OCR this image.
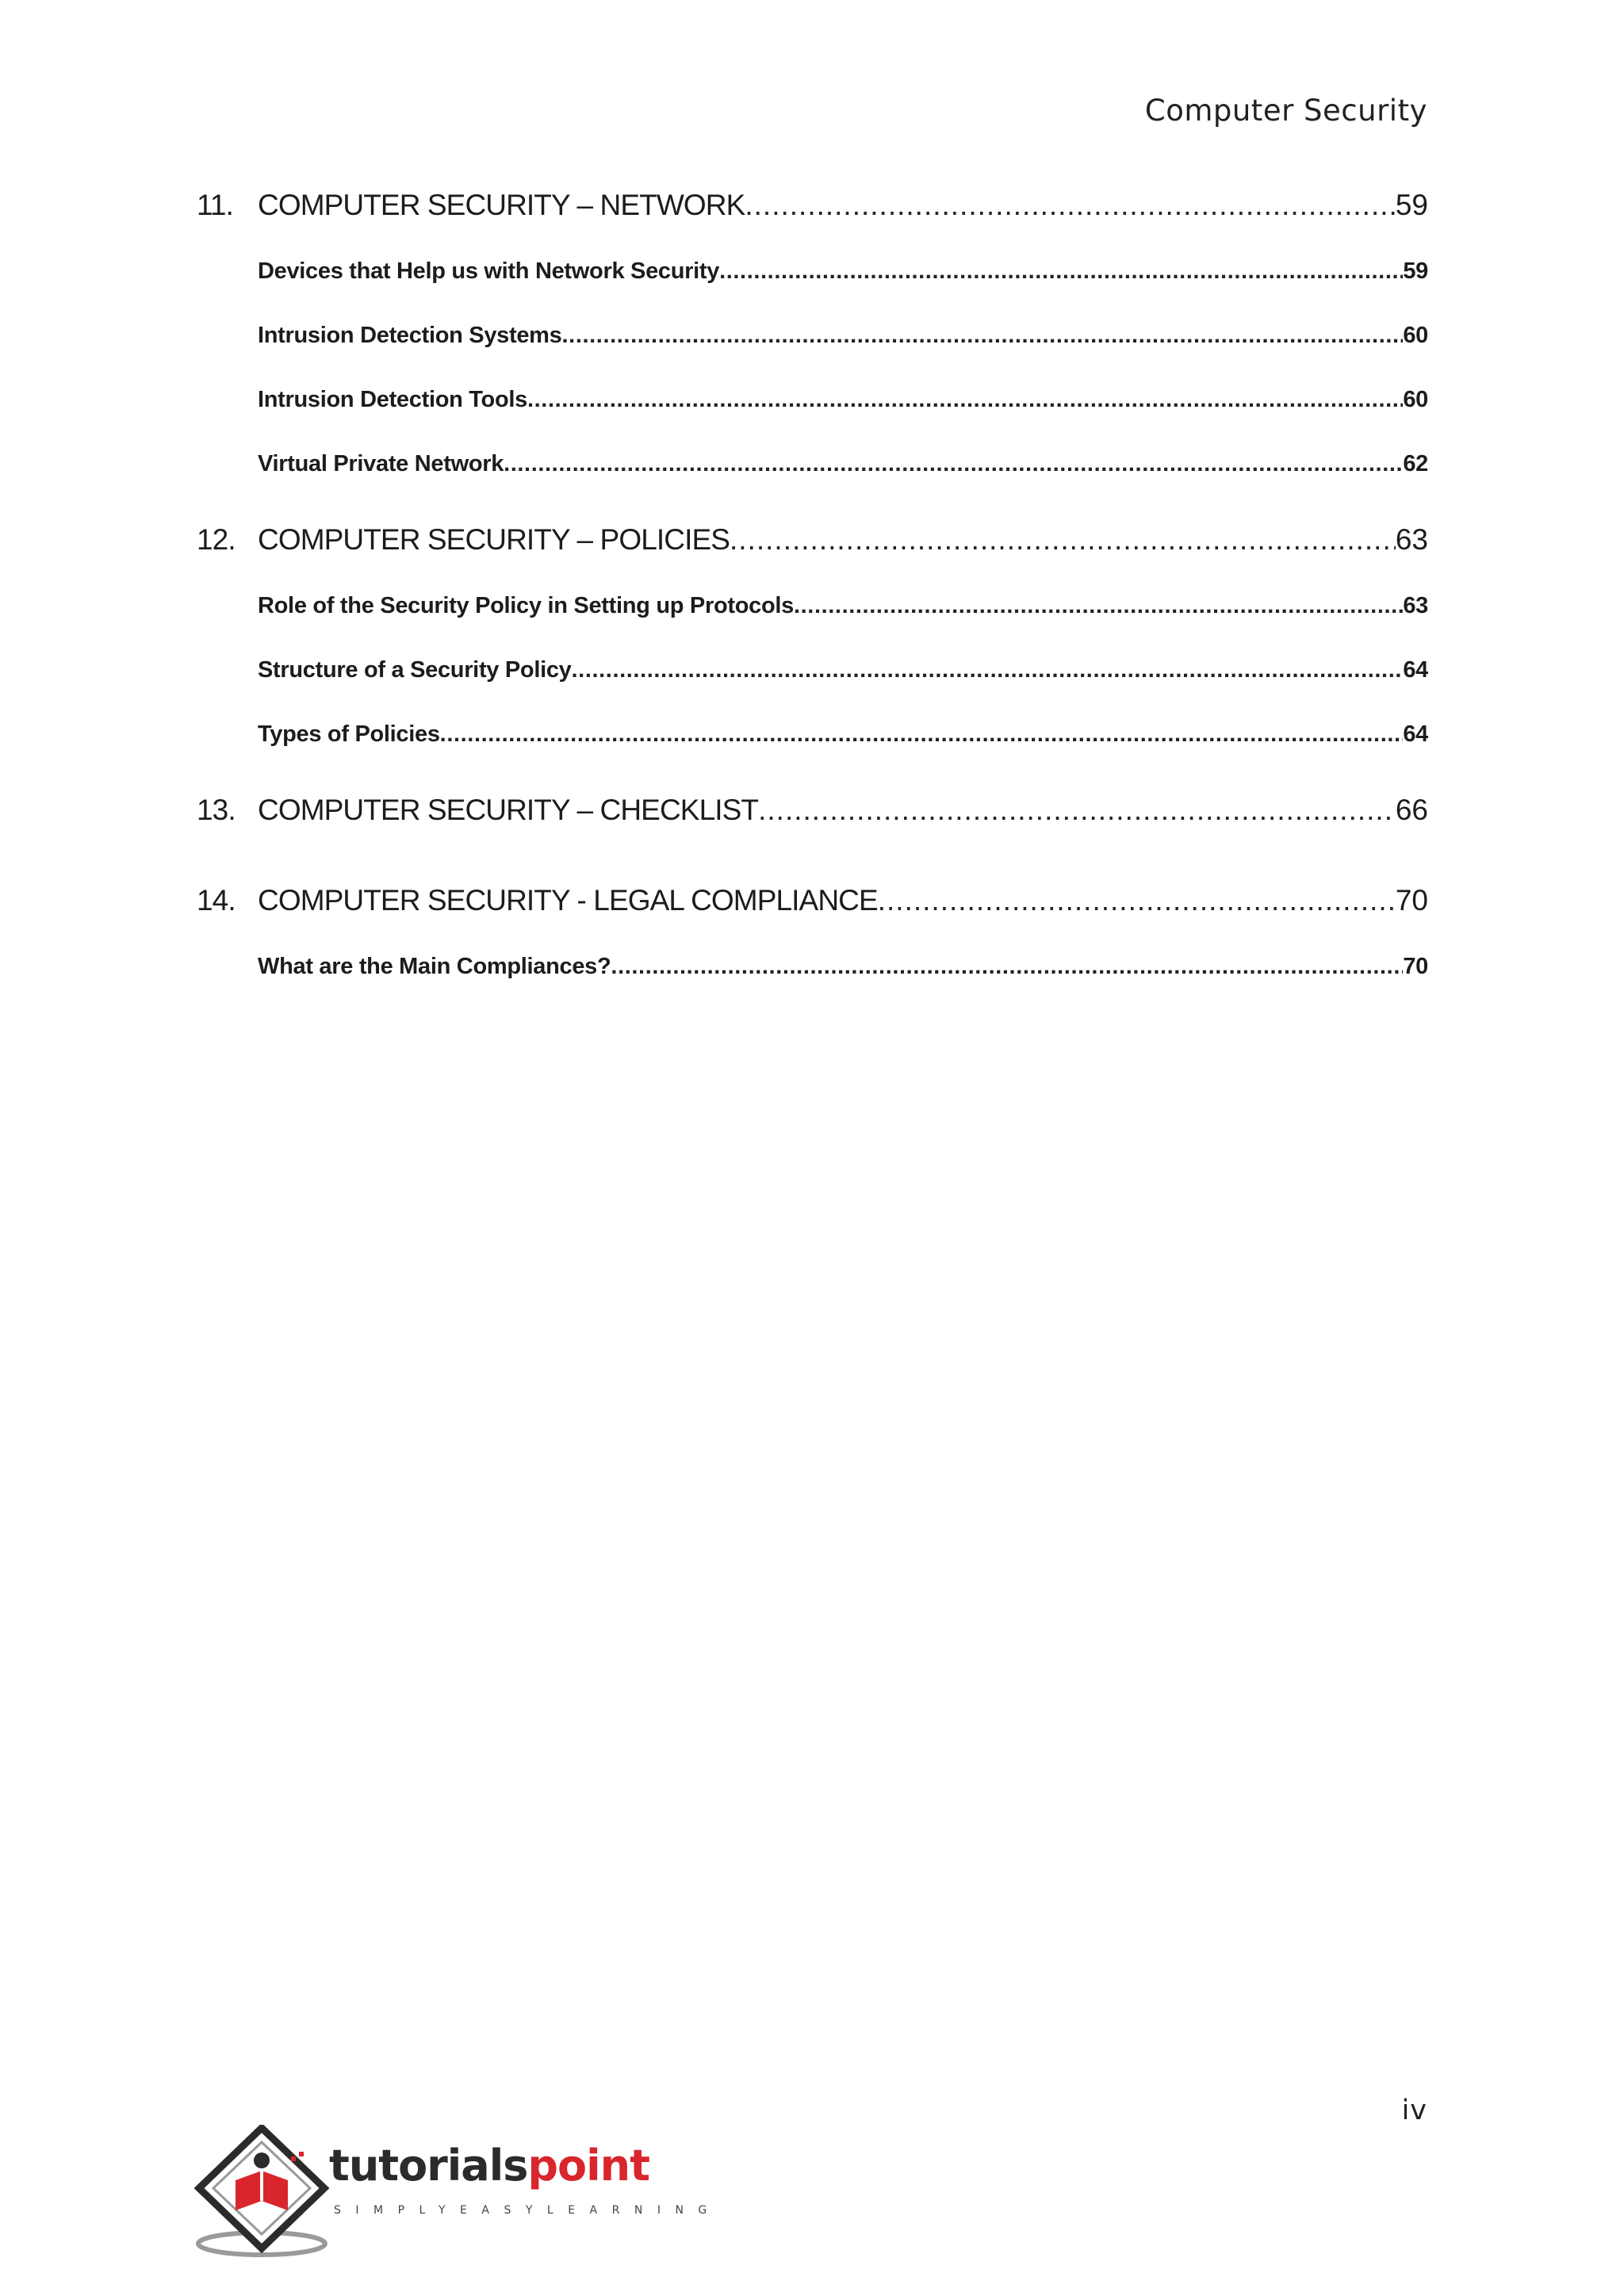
Computer Security
11. COMPUTER SECURITY – NETWORK .....	59
Devices that Help us with Network Security .....	59
Intrusion Detection Systems .....	60
Intrusion Detection Tools .....	60
Virtual Private Network .....	62
12. COMPUTER SECURITY – POLICIES .....	63
Role of the Security Policy in Setting up Protocols .....	63
Structure of a Security Policy .....	64
Types of Policies .....	64
13. COMPUTER SECURITY – CHECKLIST .....	66
14. COMPUTER SECURITY - LEGAL COMPLIANCE .....	70
What are the Main Compliances? .....	70
iv
tutorialspoint
SIMPLYEASYLEARNING
